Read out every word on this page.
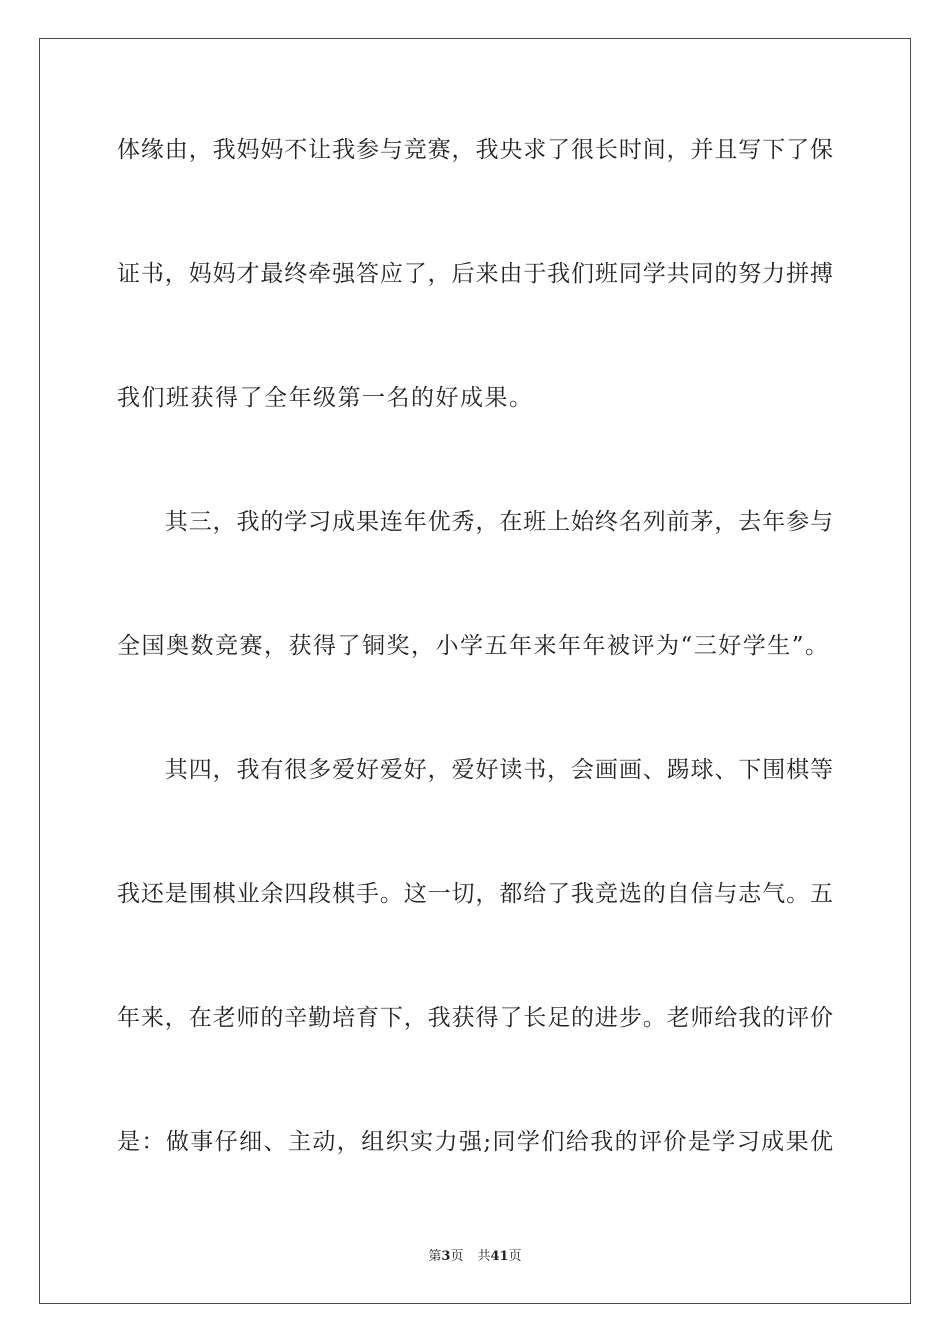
体缘由，我妈妈不让我参与竞赛，我央求了很长时间，并且写下了保
证书，妈妈才最终牵强答应了，后来由于我们班同学共同的努力拼搏
我们班获得了全年级第一名的好成果。
　　其三，我的学习成果连年优秀，在班上始终名列前茅，去年参与
全国奥数竞赛，获得了铜奖，小学五年来年年被评为“三好学生”。
　　其四，我有很多爱好爱好，爱好读书，会画画、踢球、下围棋等
我还是围棋业余四段棋手。这一切，都给了我竞选的自信与志气。五
年来，在老师的辛勤培育下，我获得了长足的进步。老师给我的评价
是：做事仔细、主动，组织实力强;同学们给我的评价是学习成果优
第3页 共41页
